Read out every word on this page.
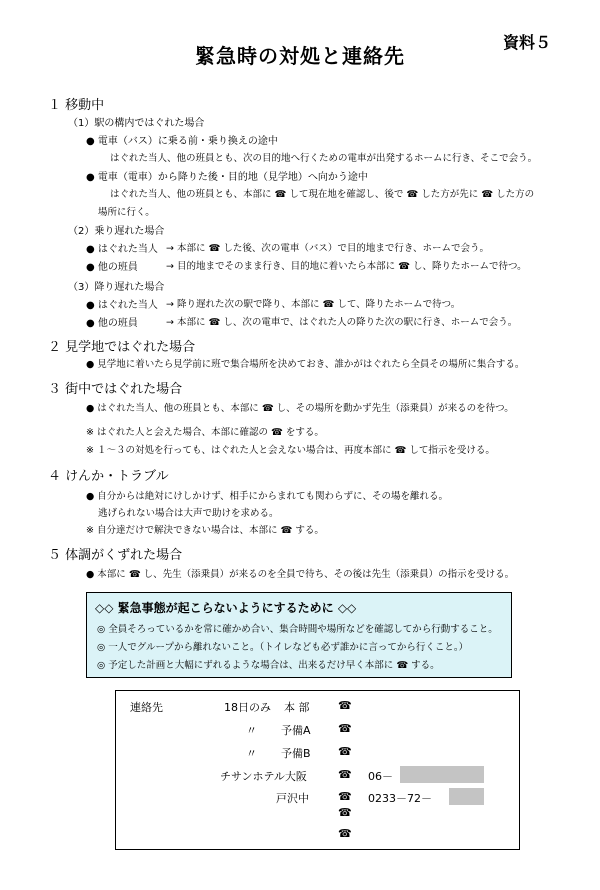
緊急時の対処と連絡先
資料５
１ 移動中
（1）駅の構内ではぐれた場合
● 電車（バス）に乗る前・乗り換えの途中
はぐれた当人、他の班員とも、次の目的地へ行くための電車が出発するホームに行き、そこで会う。
● 電車（電車）から降りた後・目的地（見学地）へ向かう途中
はぐれた当人、他の班員とも、本部に ☎ して現在地を確認し、後で ☎ した方が先に ☎ した方の
場所に行く。
（2）乗り遅れた場合
● はぐれた当人 → 本部に ☎ した後、次の電車（バス）で目的地まで行き、ホームで会う。
● 他の班員	→ 目的地までそのまま行き、目的地に着いたら本部に ☎ し、降りたホームで待つ。
（3）降り遅れた場合
● はぐれた当人 → 降り遅れた次の駅で降り、本部に ☎ して、降りたホームで待つ。
● 他の班員	→ 本部に ☎ し、次の電車で、はぐれた人の降りた次の駅に行き、ホームで会う。
２ 見学地ではぐれた場合
● 見学地に着いたら見学前に班で集合場所を決めておき、誰かがはぐれたら全員その場所に集合する。
３ 街中ではぐれた場合
● はぐれた当人、他の班員とも、本部に ☎ し、その場所を動かず先生（添乗員）が来るのを待つ。
※ はぐれた人と会えた場合、本部に確認の ☎ をする。
※ １～３の対処を行っても、はぐれた人と会えない場合は、再度本部に ☎ して指示を受ける。
４ けんか・トラブル
● 自分からは絶対にけしかけず、相手にからまれても関わらずに、その場を離れる。
逃げられない場合は大声で助けを求める。
※ 自分達だけで解決できない場合は、本部に ☎ する。
５ 体調がくずれた場合
● 本部に ☎ し、先生（添乗員）が来るのを全員で待ち、その後は先生（添乗員）の指示を受ける。
◇◇ 緊急事態が起こらないようにするために ◇◇
◎ 全員そろっているかを常に確かめ合い、集合時間や場所などを確認してから行動すること。
◎ 一人でグループから離れないこと。（トイレなども必ず誰かに言ってから行くこと。）
◎ 予定した計画と大幅にずれるような場合は、出来るだけ早く本部に ☎ する。
連絡先	18日のみ 本 部	☎
〃 予備A ☎
〃 予備B ☎
チサンホテル大阪	☎ 06－
戸沢中	☎ 0233－72－
☎
☎
